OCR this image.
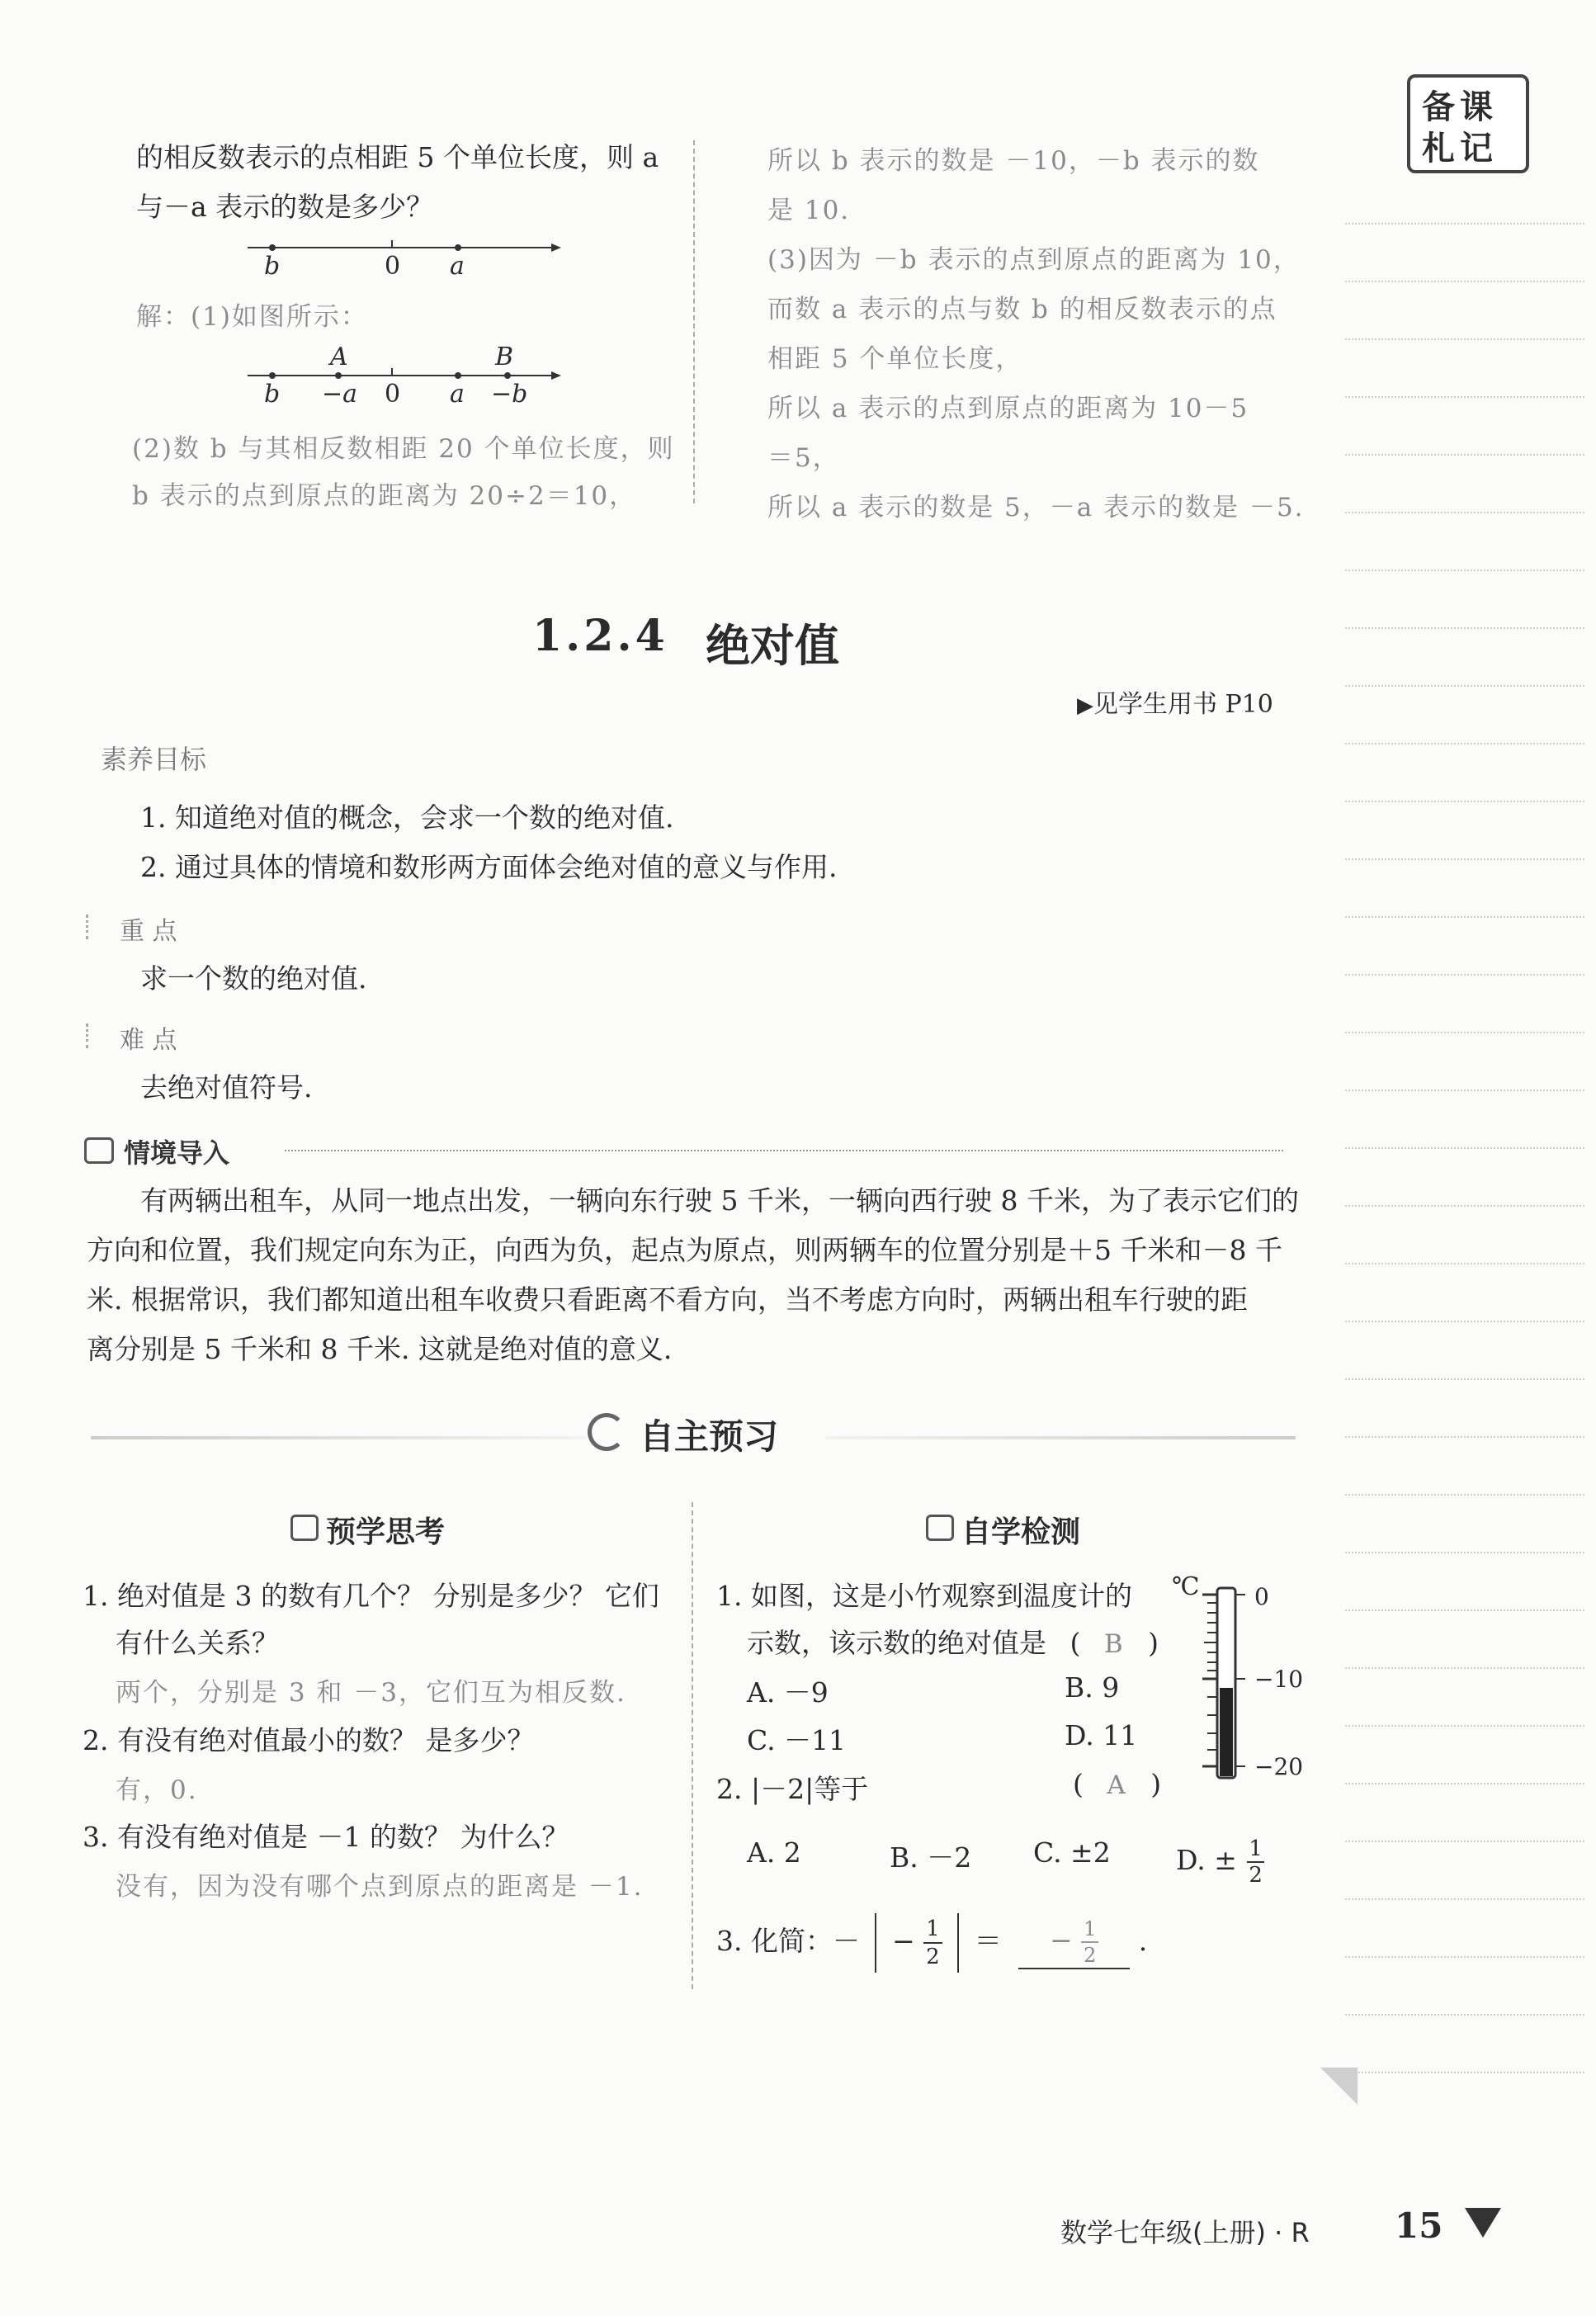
备课
札记
的相反数表示的点相距 5 个单位长度，则 a
与－a 表示的数是多少？
b	0 a
解：(1)如图所示：
A	B
b −a 0 a −b
(2)数 b 与其相反数相距 20 个单位长度，则
b 表示的点到原点的距离为 20÷2＝10，
所以 b 表示的数是 －10，－b 表示的数
是 10.
(3)因为 －b 表示的点到原点的距离为 10，
而数 a 表示的点与数 b 的相反数表示的点
相距 5 个单位长度，
所以 a 表示的点到原点的距离为 10－5
＝5，
所以 a 表示的数是 5，－a 表示的数是 －5.
1.2.4 绝对值
▶见学生用书 P10
素养目标
1. 知道绝对值的概念，会求一个数的绝对值.
2. 通过具体的情境和数形两方面体会绝对值的意义与作用.
重 点
求一个数的绝对值.
难 点
去绝对值符号.
情境导入
有两辆出租车，从同一地点出发，一辆向东行驶 5 千米，一辆向西行驶 8 千米，为了表示它们的
方向和位置，我们规定向东为正，向西为负，起点为原点，则两辆车的位置分别是＋5 千米和－8 千
米. 根据常识，我们都知道出租车收费只看距离不看方向，当不考虑方向时，两辆出租车行驶的距
离分别是 5 千米和 8 千米. 这就是绝对值的意义.
自主预习
预学思考
1. 绝对值是 3 的数有几个？ 分别是多少？ 它们
有什么关系？
两个，分别是 3 和 －3，它们互为相反数.
2. 有没有绝对值最小的数？ 是多少？
有，0.
3. 有没有绝对值是 －1 的数？ 为什么？
没有，因为没有哪个点到原点的距离是 －1.
自学检测
1. 如图，这是小竹观察到温度计的
示数，该示数的绝对值是 ( B )
A. －9	B. 9
C. －11	D. 11
℃ 0
−10
−20
2. |－2|等于	( A )
A. 2	B. －2 C. ±2 D. ± $\frac{1}{2}$
3. 化简：－ − $\frac{1}{2}$ ＝ − $\frac{1}{2}$ .
数学七年级(上册) · R 15
